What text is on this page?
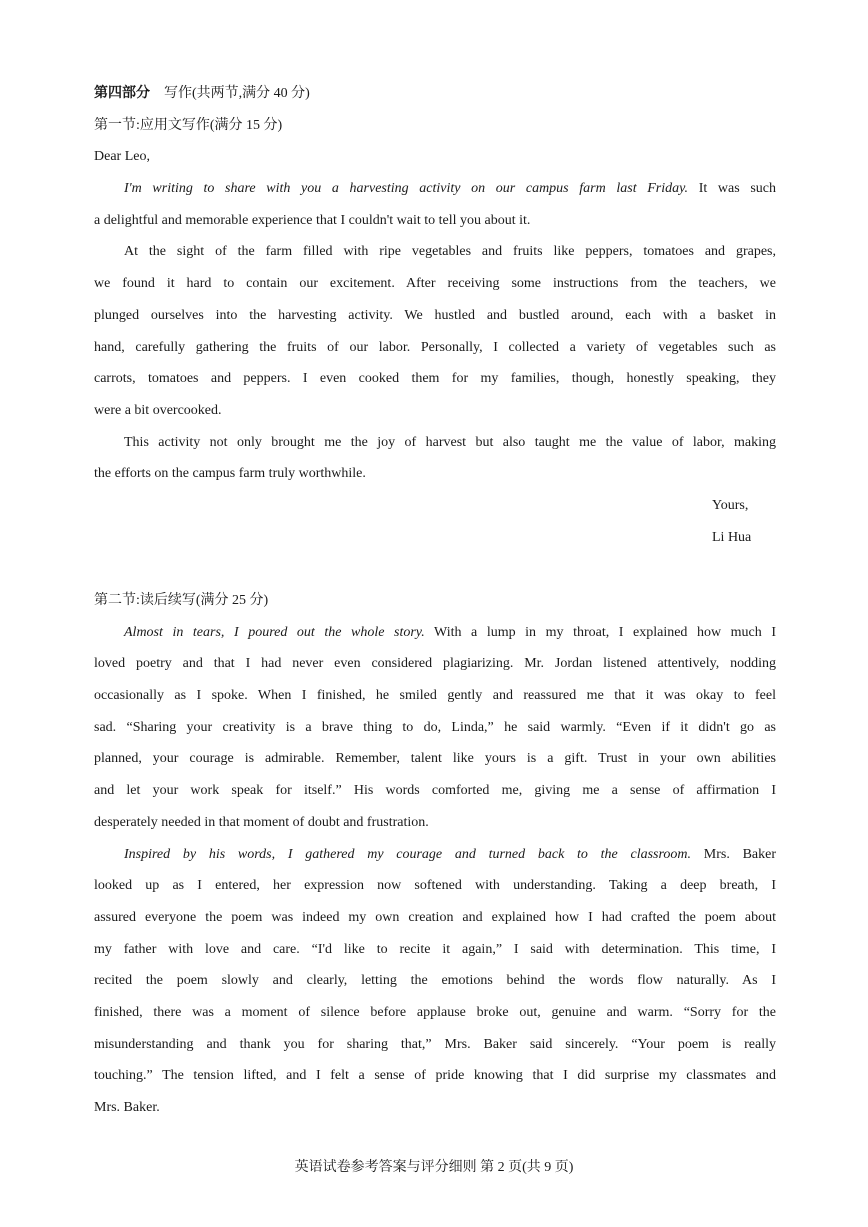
第四部分 写作(共两节,满分 40 分)
第一节:应用文写作(满分 15 分)
Dear Leo,
I'm writing to share with you a harvesting activity on our campus farm last Friday. It was such
a delightful and memorable experience that I couldn't wait to tell you about it.
At the sight of the farm filled with ripe vegetables and fruits like peppers, tomatoes and grapes,
we found it hard to contain our excitement. After receiving some instructions from the teachers, we
plunged ourselves into the harvesting activity. We hustled and bustled around, each with a basket in
hand, carefully gathering the fruits of our labor. Personally, I collected a variety of vegetables such as
carrots, tomatoes and peppers. I even cooked them for my families, though, honestly speaking, they
were a bit overcooked.
This activity not only brought me the joy of harvest but also taught me the value of labor, making
the efforts on the campus farm truly worthwhile.
Yours,
Li Hua
第二节:读后续写(满分 25 分)
Almost in tears, I poured out the whole story. With a lump in my throat, I explained how much I
loved poetry and that I had never even considered plagiarizing. Mr. Jordan listened attentively, nodding
occasionally as I spoke. When I finished, he smiled gently and reassured me that it was okay to feel
sad. “Sharing your creativity is a brave thing to do, Linda,” he said warmly. “Even if it didn't go as
planned, your courage is admirable. Remember, talent like yours is a gift. Trust in your own abilities
and let your work speak for itself.” His words comforted me, giving me a sense of affirmation I
desperately needed in that moment of doubt and frustration.
Inspired by his words, I gathered my courage and turned back to the classroom. Mrs. Baker
looked up as I entered, her expression now softened with understanding. Taking a deep breath, I
assured everyone the poem was indeed my own creation and explained how I had crafted the poem about
my father with love and care. “I'd like to recite it again,” I said with determination. This time, I
recited the poem slowly and clearly, letting the emotions behind the words flow naturally. As I
finished, there was a moment of silence before applause broke out, genuine and warm. “Sorry for the
misunderstanding and thank you for sharing that,” Mrs. Baker said sincerely. “Your poem is really
touching.” The tension lifted, and I felt a sense of pride knowing that I did surprise my classmates and
Mrs. Baker.
英语试卷参考答案与评分细则 第 2 页(共 9 页)
